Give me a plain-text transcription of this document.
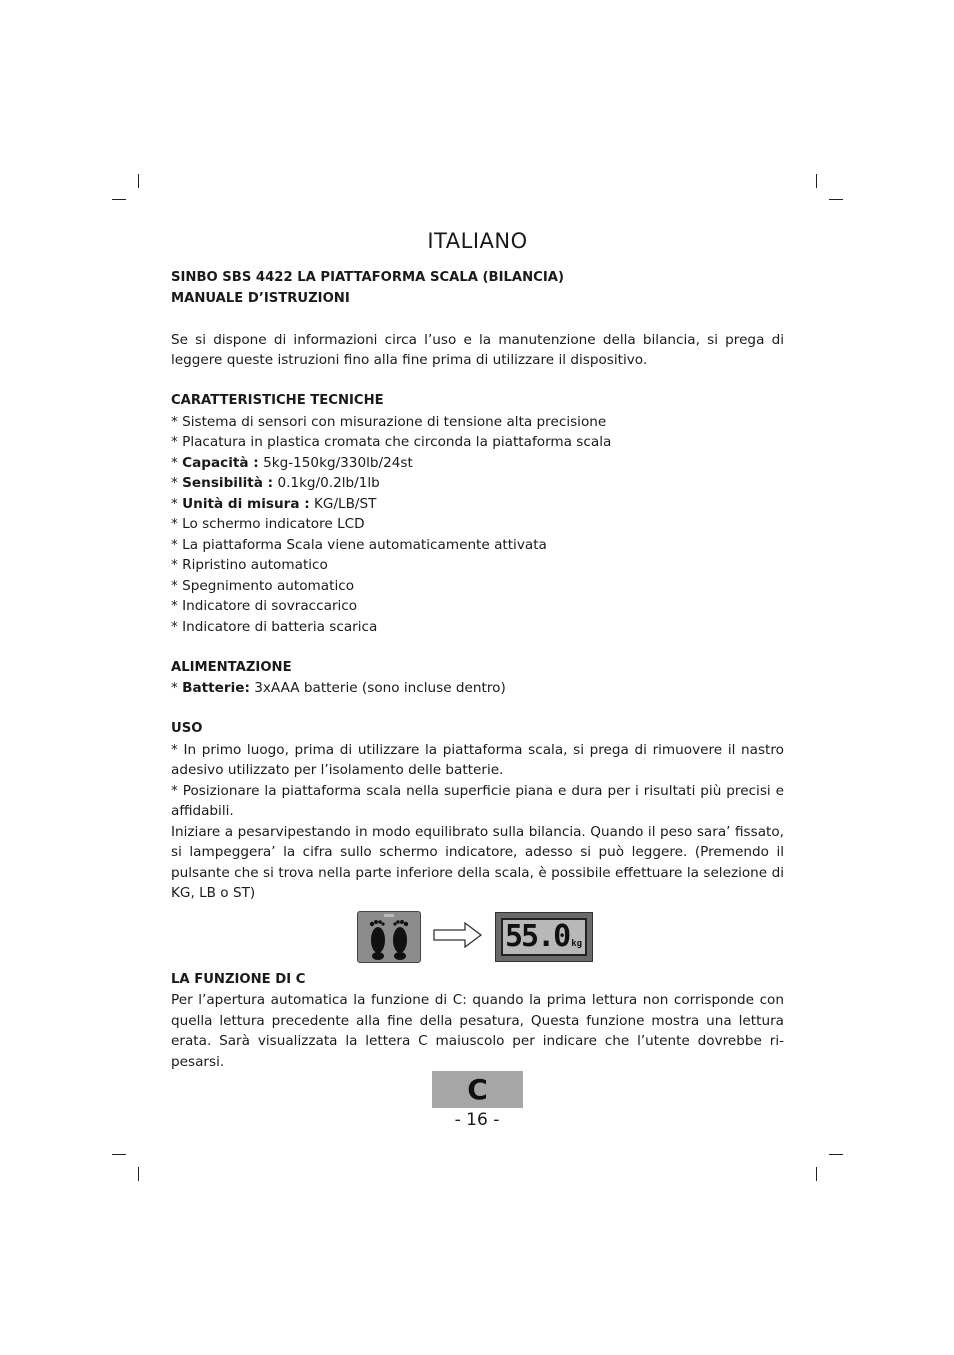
ITALIANO
SINBO SBS 4422 LA PIATTAFORMA SCALA (BILANCIA)
MANUALE D’ISTRUZIONI

Se si dispone di informazioni circa l’uso e la manutenzione della bilancia, si prega di leggere queste istruzioni fino alla fine prima di utilizzare il dispositivo.

CARATTERISTICHE TECNICHE
* Sistema di sensori con misurazione di tensione alta precisione
* Placatura in plastica cromata che circonda la piattaforma scala
* Capacità : 5kg-150kg/330lb/24st
* Sensibilità : 0.1kg/0.2lb/1lb
* Unità di misura : KG/LB/ST
* Lo schermo indicatore LCD
* La piattaforma Scala viene automaticamente attivata
* Ripristino automatico
* Spegnimento automatico
* Indicatore di sovraccarico
* Indicatore di batteria scarica
ALIMENTAZIONE
* Batterie: 3xAAA batterie (sono incluse dentro)
USO

* In primo luogo, prima di utilizzare la piattaforma scala, si prega di rimuovere il nastro adesivo utilizzato per l’isolamento delle batterie.

* Posizionare la piattaforma scala nella superficie piana e dura per i risultati più precisi e affidabili.

Iniziare a pesarvipestando in modo equilibrato sulla bilancia. Quando il peso sara’ fissato, si lampeggera’ la cifra sullo schermo indicatore, adesso si può leggere. (Premendo il pulsante che si trova nella parte inferiore della scala, è possibile effettuare la selezione di KG, LB o ST)

55.0 kg
LA FUNZIONE DI C

Per l’apertura automatica la funzione di C: quando la prima lettura non corrisponde con quella lettura precedente alla fine della pesatura, Questa funzione mostra una lettura erata. Sarà visualizzata la lettera C maiuscolo per indicare che l’utente dovrebbe ri-pesarsi.

C
- 16 -
